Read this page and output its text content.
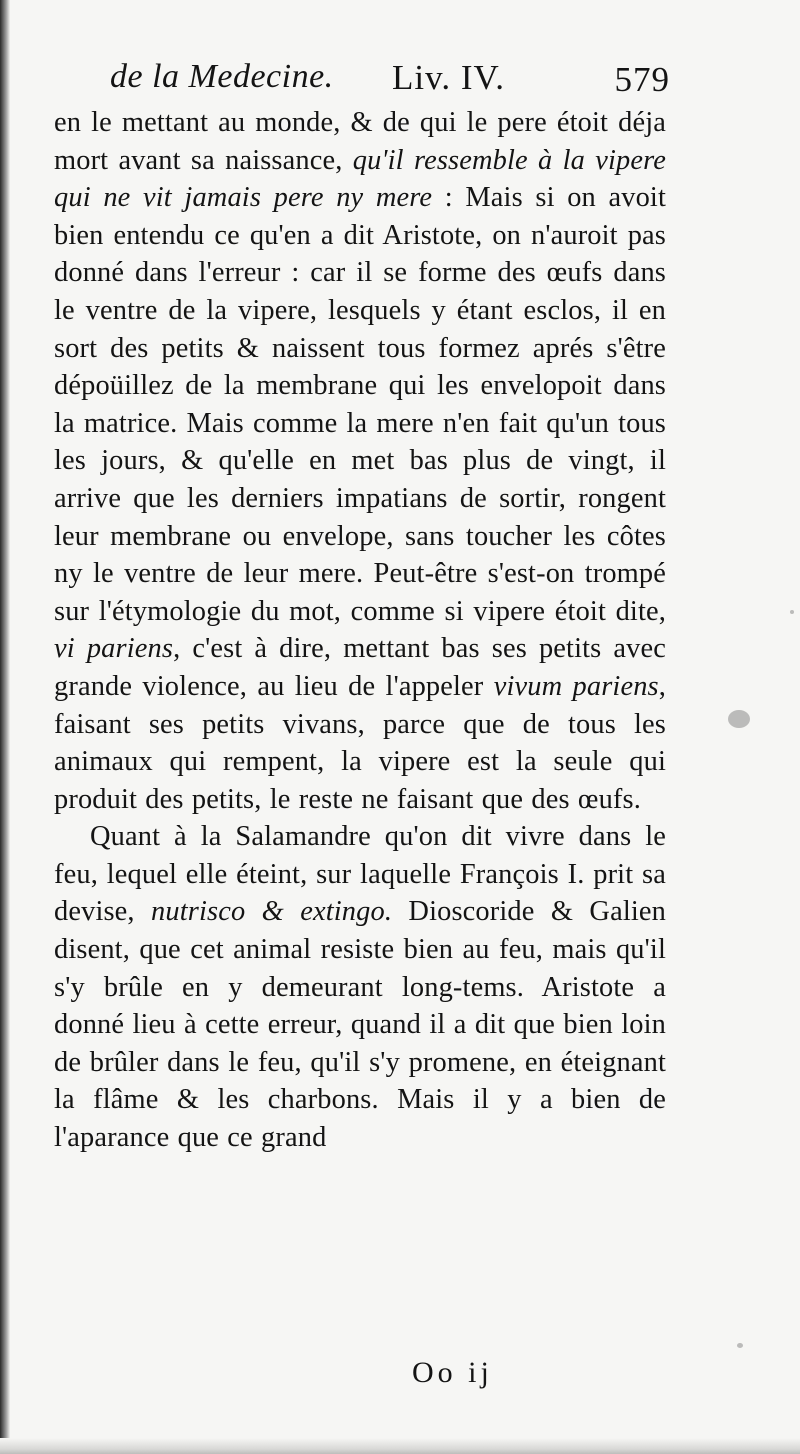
de la Medecine. Liv. IV.	579

en le mettant au monde, & de qui le pere étoit déja mort avant sa naissance, qu'il ressemble à la vipere qui ne vit jamais pere ny mere : Mais si on avoit bien entendu ce qu'en a dit Aristote, on n'auroit pas donné dans l'erreur : car il se forme des œufs dans le ventre de la vipere, lesquels y étant esclos, il en sort des petits & naissent tous formez aprés s'être dépoüillez de la membrane qui les envelopoit dans la matrice. Mais comme la mere n'en fait qu'un tous les jours, & qu'elle en met bas plus de vingt, il arrive que les derniers impatians de sortir, rongent leur membrane ou envelope, sans toucher les côtes ny le ventre de leur mere. Peut-être s'est-on trompé sur l'étymologie du mot, comme si vipere étoit dite, vi pariens, c'est à dire, mettant bas ses petits avec grande violence, au lieu de l'appeler vivum pariens, faisant ses petits vivans, parce que de tous les animaux qui rempent, la vipere est la seule qui produit des petits, le reste ne faisant que des œufs.

Quant à la Salamandre qu'on dit vivre dans le feu, lequel elle éteint, sur laquelle François I. prit sa devise, nutrisco & extingo. Dioscoride & Galien disent, que cet animal resiste bien au feu, mais qu'il s'y brûle en y demeurant long-tems. Aristote a donné lieu à cette erreur, quand il a dit que bien loin de brûler dans le feu, qu'il s'y promene, en éteignant la flâme & les charbons. Mais il y a bien de l'aparance que ce grand

Oo ij
